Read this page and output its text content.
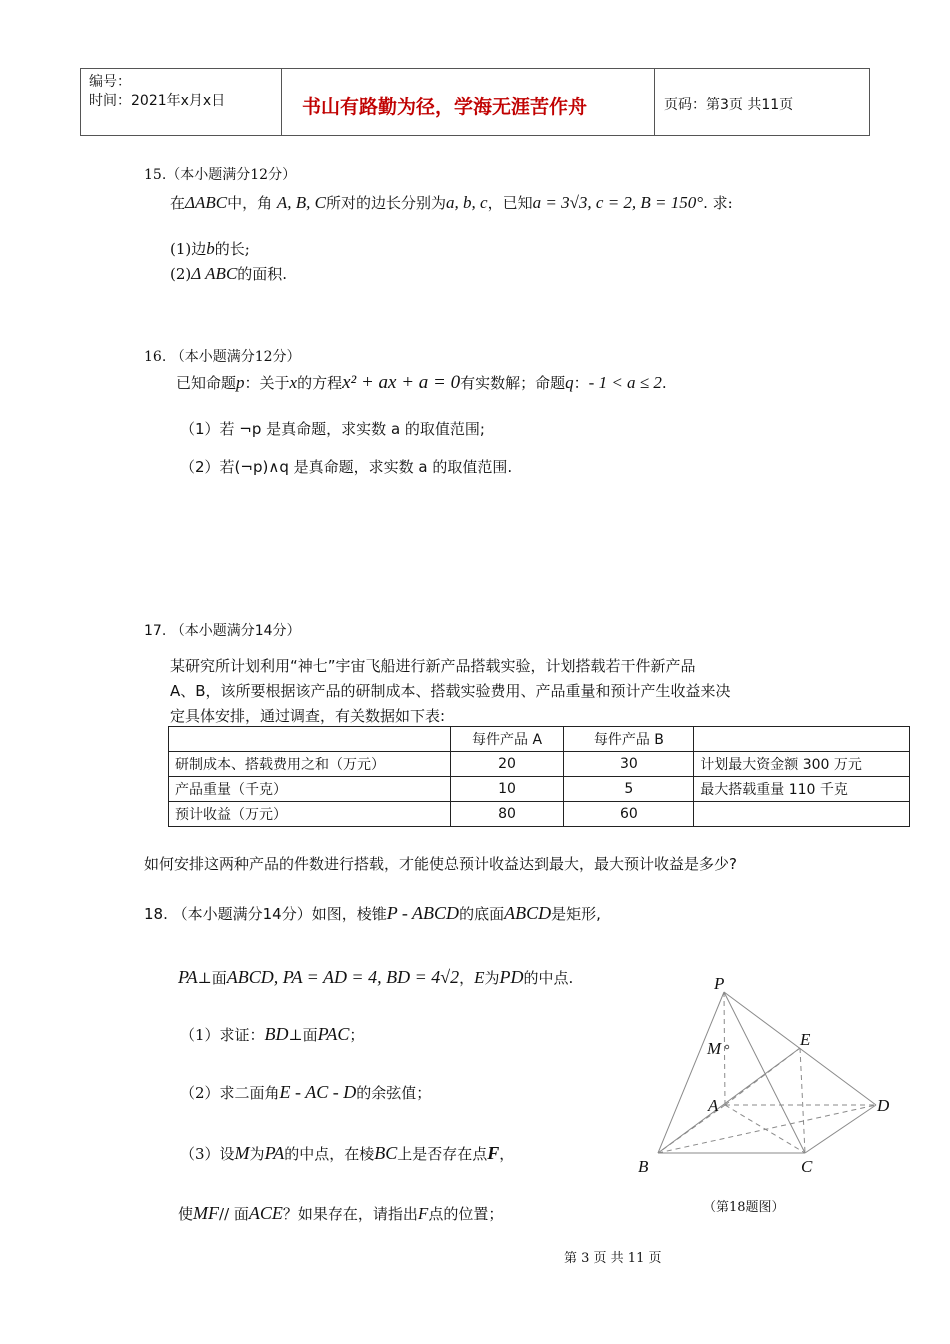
编号：
时间：2021年x月x日	书山有路勤为径，学海无涯苦作舟	页码：第3页 共11页
15.（本小题满分12分）
在ΔABC中，角 A, B, C所对的边长分别为a, b, c，已知a = 3√3, c = 2, B = 150°. 求:
(1)边b的长;
(2)Δ ABC的面积.
16. （本小题满分12分）
已知命题p：关于x的方程x² + ax + a = 0有实数解；命题q：- 1 < a ≤ 2.
（1）若 ¬p 是真命题，求实数 a 的取值范围;
（2）若(¬p)∧q 是真命题，求实数 a 的取值范围.
17. （本小题满分14分）
某研究所计划利用“神七”宇宙飞船进行新产品搭载实验，计划搭载若干件新产品
A、B，该所要根据该产品的研制成本、搭载实验费用、产品重量和预计产生收益来决
定具体安排，通过调查，有关数据如下表:
	每件产品 A	每件产品 B	
研制成本、搭载费用之和（万元）	20	30	计划最大资金额 300 万元
产品重量（千克）	10	5	最大搭载重量 110 千克
预计收益（万元）	80	60	
如何安排这两种产品的件数进行搭载，才能使总预计收益达到最大，最大预计收益是多少?
18. （本小题满分14分）如图，棱锥P - ABCD的底面ABCD是矩形,
PA⊥面ABCD, PA = AD = 4, BD = 4√2，E为PD的中点.
（1）求证：BD⊥面PAC；
（2）求二面角E - AC - D的余弦值；
（3）设M为PA的中点，在棱BC上是否存在点F，
使MF// 面ACE？如果存在，请指出F点的位置；
P
M	E
A	D
B	C
（第18题图）
第 3 页 共 11 页
